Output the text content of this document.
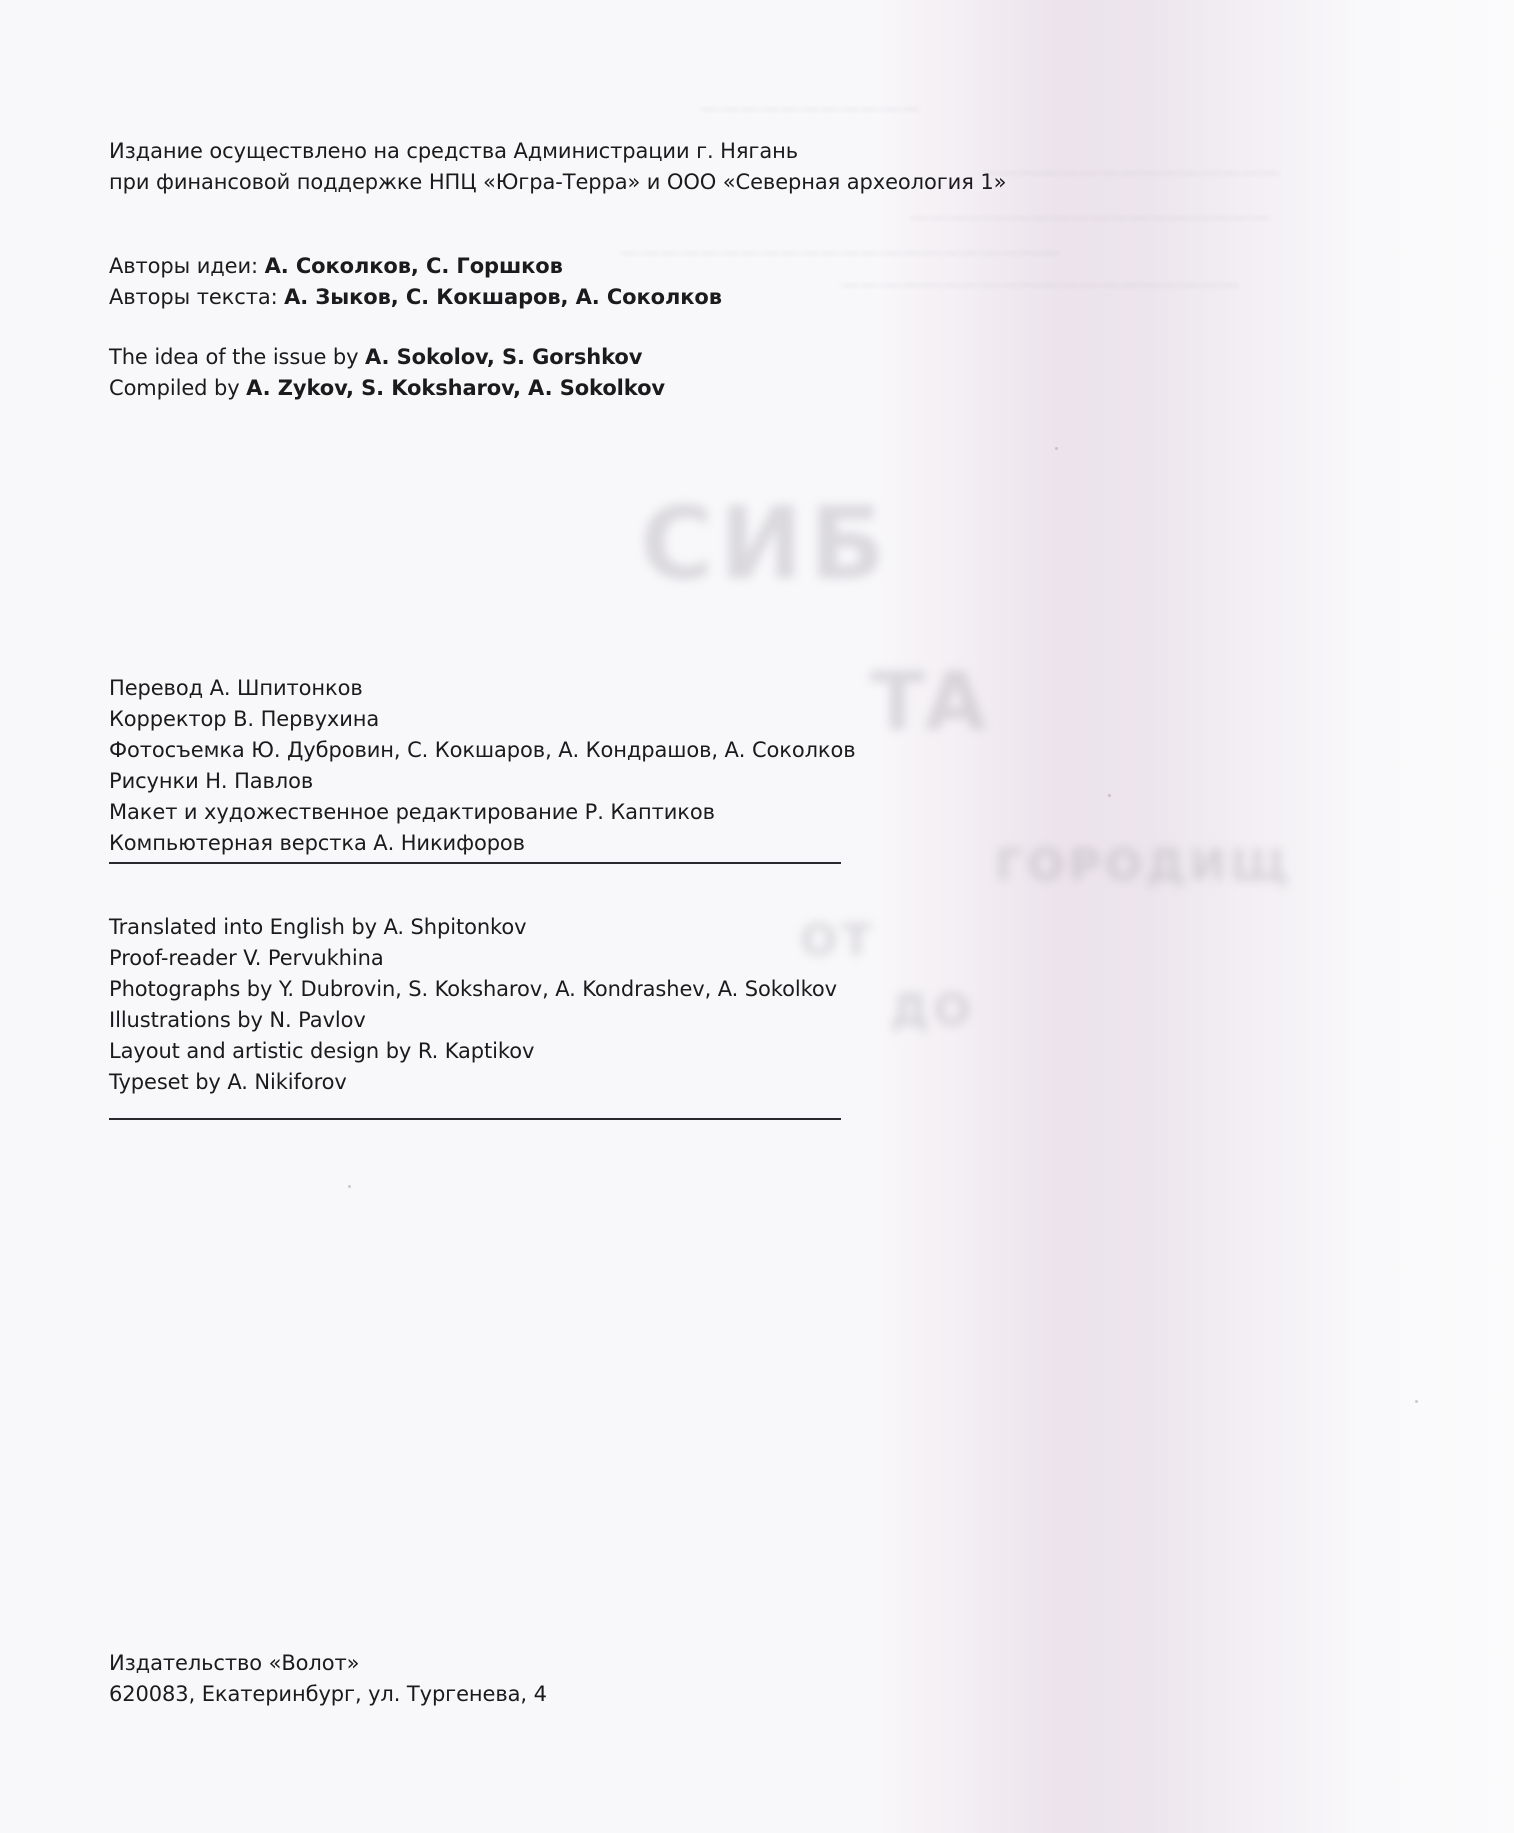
СИБ
ТА
ГОРОДИЩ
ОТ
ДО
———————————
———————————————
——————————————————
——————————————————————
————————————————————
Издание осуществлено на средства Администрации г. Нягань
при финансовой поддержке НПЦ «Югра-Терра» и ООО «Северная археология 1»
Авторы идеи: А. Соколков, С. Горшков
Авторы текста: А. Зыков, С. Кокшаров, А. Соколков
The idea of the issue by A. Sokolov, S. Gorshkov
Compiled by A. Zykov, S. Koksharov, A. Sokolkov
Перевод А. Шпитонков
Корректор В. Первухина
Фотосъемка Ю. Дубровин, С. Кокшаров, А. Кондрашов, А. Соколков
Рисунки Н. Павлов
Макет и художественное редактирование Р. Каптиков
Компьютерная верстка А. Никифоров
Translated into English by A. Shpitonkov
Proof-reader V. Pervukhina
Photographs by Y. Dubrovin, S. Koksharov, A. Kondrashev, A. Sokolkov
Illustrations by N. Pavlov
Layout and artistic design by R. Kaptikov
Typeset by A. Nikiforov
Издательство «Волот»
620083, Екатеринбург, ул. Тургенева, 4
